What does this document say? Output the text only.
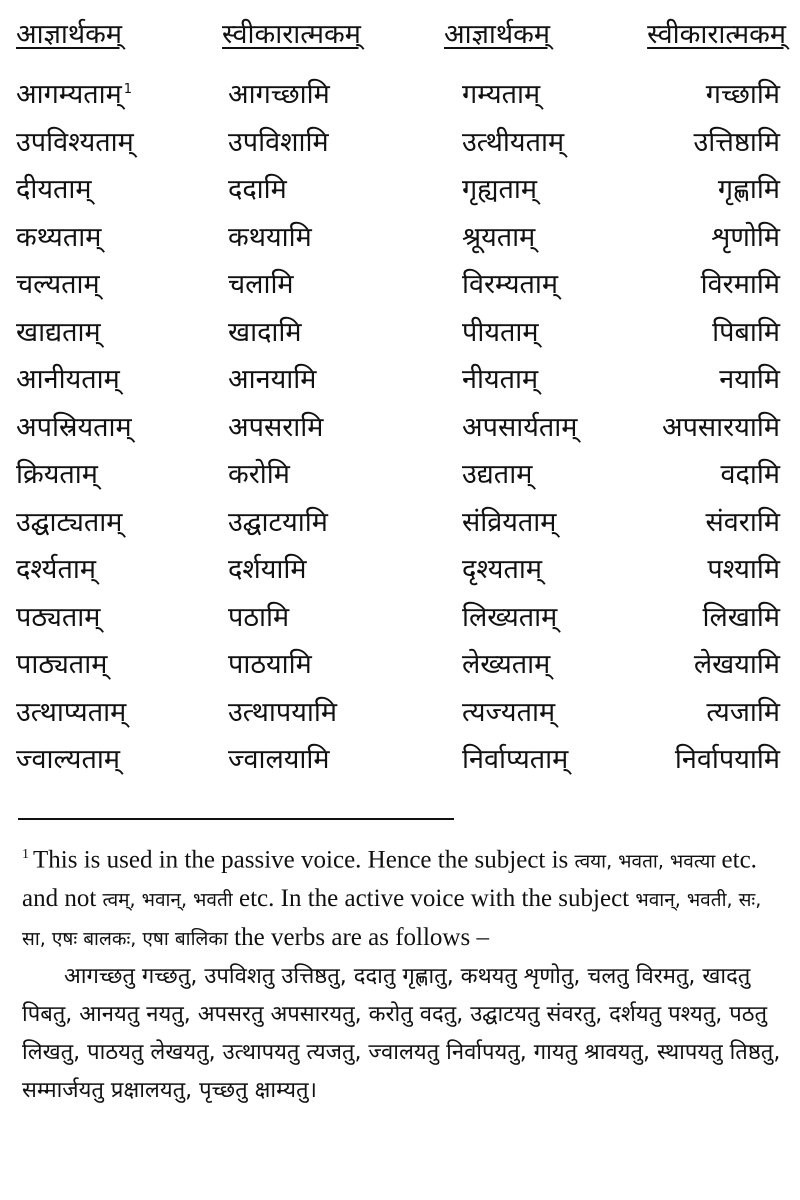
आज्ञार्थकम्	स्वीकारात्मकम्	आज्ञार्थकम्	स्वीकारात्मकम्
आगम्यताम् $^1$	आगच्छामि	गम्यताम्	गच्छामि
उपविश्यताम्	उपविशामि	उत्थीयताम्	उत्तिष्ठामि
दीयताम्	ददामि	गृह्यताम्	गृह्णामि
कथ्यताम्	कथयामि	श्रूयताम्	शृणोमि
चल्यताम्	चलामि	विरम्यताम्	विरमामि
खाद्यताम्	खादामि	पीयताम्	पिबामि
आनीयताम्	आनयामि	नीयताम्	नयामि
अपस्रियताम्	अपसरामि	अपसार्यताम्	अपसारयामि
क्रियताम्	करोमि	उद्यताम्	वदामि
उद्घाट्यताम्	उद्घाटयामि	संव्रियताम्	संवरामि
दर्श्यताम्	दर्शयामि	दृश्यताम्	पश्यामि
पठ्यताम्	पठामि	लिख्यताम्	लिखामि
पाठ्यताम्	पाठयामि	लेख्यताम्	लेखयामि
उत्थाप्यताम्	उत्थापयामि	त्यज्यताम्	त्यजामि
ज्वाल्यताम्	ज्वालयामि	निर्वाप्यताम्	निर्वापयामि

$^1$ This is used in the passive voice. Hence the subject is त्वया, भवता, भवत्या etc. and not त्वम्, भवान्, भवती etc. In the active voice with the subject भवान्, भवती, सः, सा, एषः बालकः, एषा बालिका the verbs are as follows –

आगच्छतु गच्छतु, उपविशतु उत्तिष्ठतु, ददातु गृह्णातु, कथयतु शृणोतु, चलतु विरमतु, खादतु पिबतु, आनयतु नयतु, अपसरतु अपसारयतु, करोतु वदतु, उद्घाटयतु संवरतु, दर्शयतु पश्यतु, पठतु लिखतु, पाठयतु लेखयतु, उत्थापयतु त्यजतु, ज्वालयतु निर्वापयतु, गायतु श्रावयतु, स्थापयतु तिष्ठतु, सम्मार्जयतु प्रक्षालयतु, पृच्छतु क्षाम्यतु।
